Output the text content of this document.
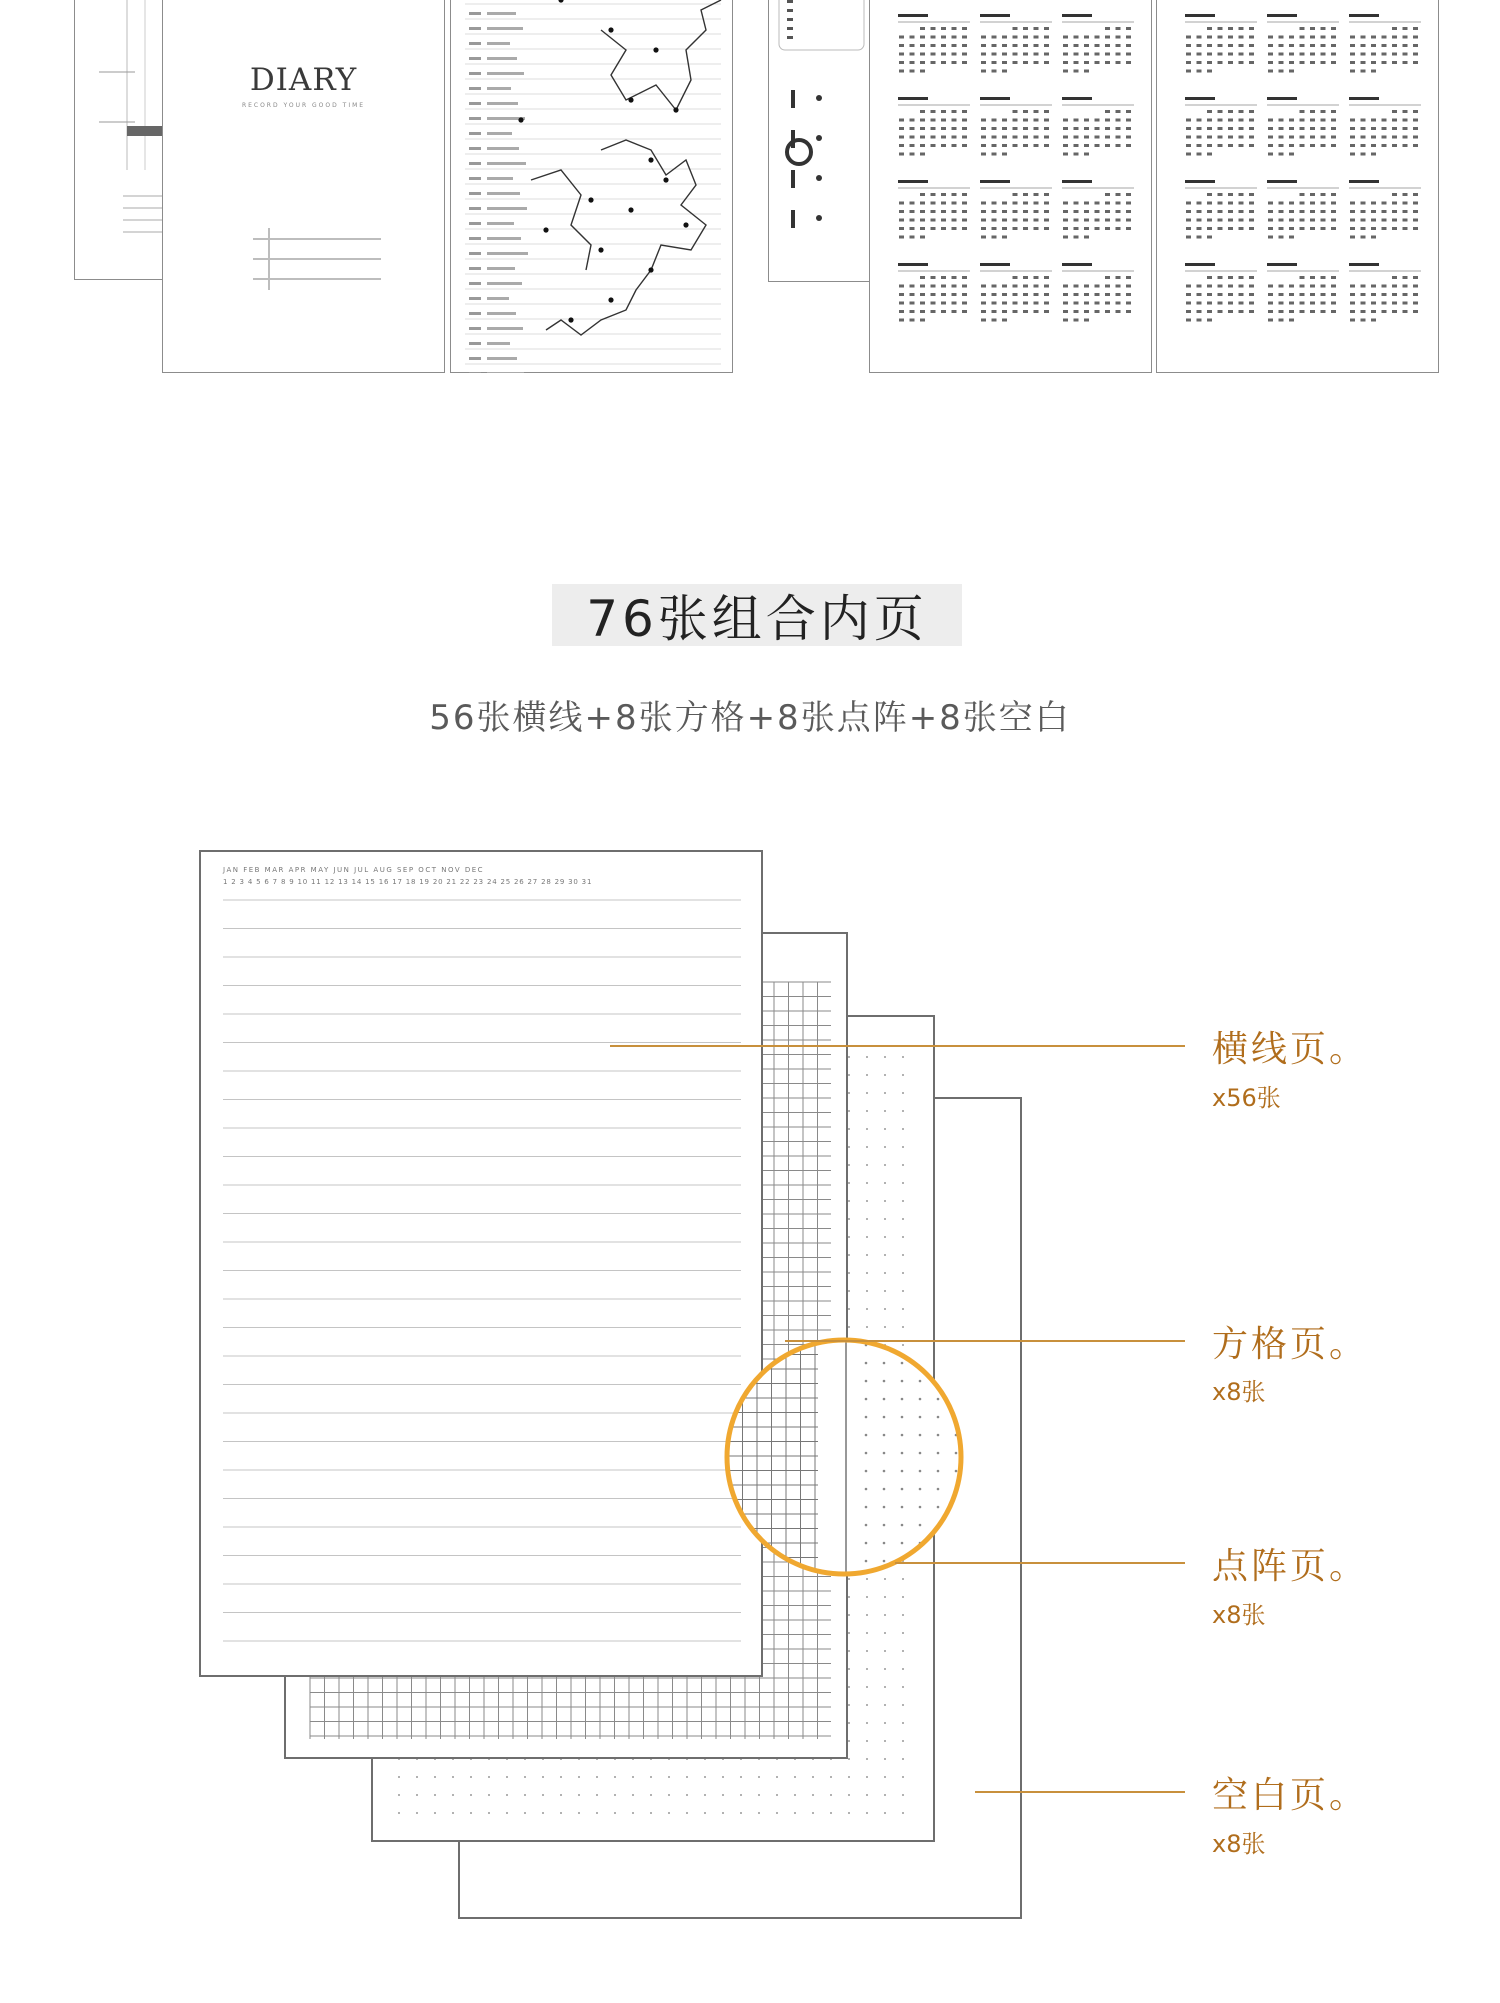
DIARY
RECORD YOUR GOOD TIME
76张组合内页
56张横线+8张方格+8张点阵+8张空白
JAN FEB MAR APR MAY JUN JUL AUG SEP OCT NOV DEC
1 2 3 4 5 6 7 8 9 10 11 12 13 14 15 16 17 18 19 20 21 22 23 24 25 26 27 28 29 30 31
横线页。
x56张
方格页。
x8张
点阵页。
x8张
空白页。
x8张
